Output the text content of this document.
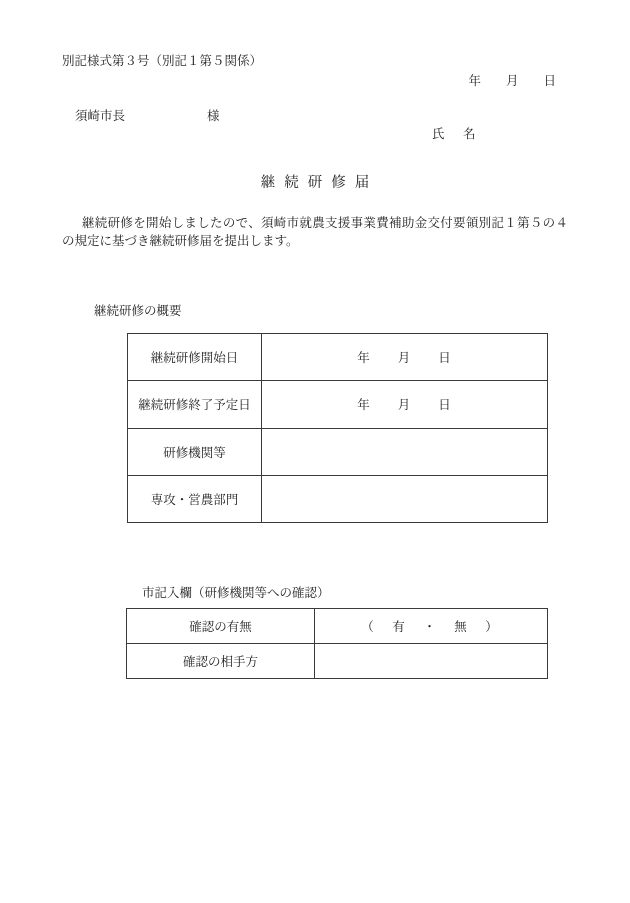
別記様式第３号（別記１第５関係）
年　　月　　日
須崎市長	様
氏　名
継続研修届

継続研修を開始しましたので、須崎市就農支援事業費補助金交付要領別記１第５の４の規定に基づき継続研修届を提出します。

継続研修の概要
継続研修開始日	年　　月　　日
継続研修終了予定日	年　　月　　日
研修機関等	
専攻・営農部門	
市記入欄（研修機関等への確認）
確認の有無	（　有　・　無　）
確認の相手方	
